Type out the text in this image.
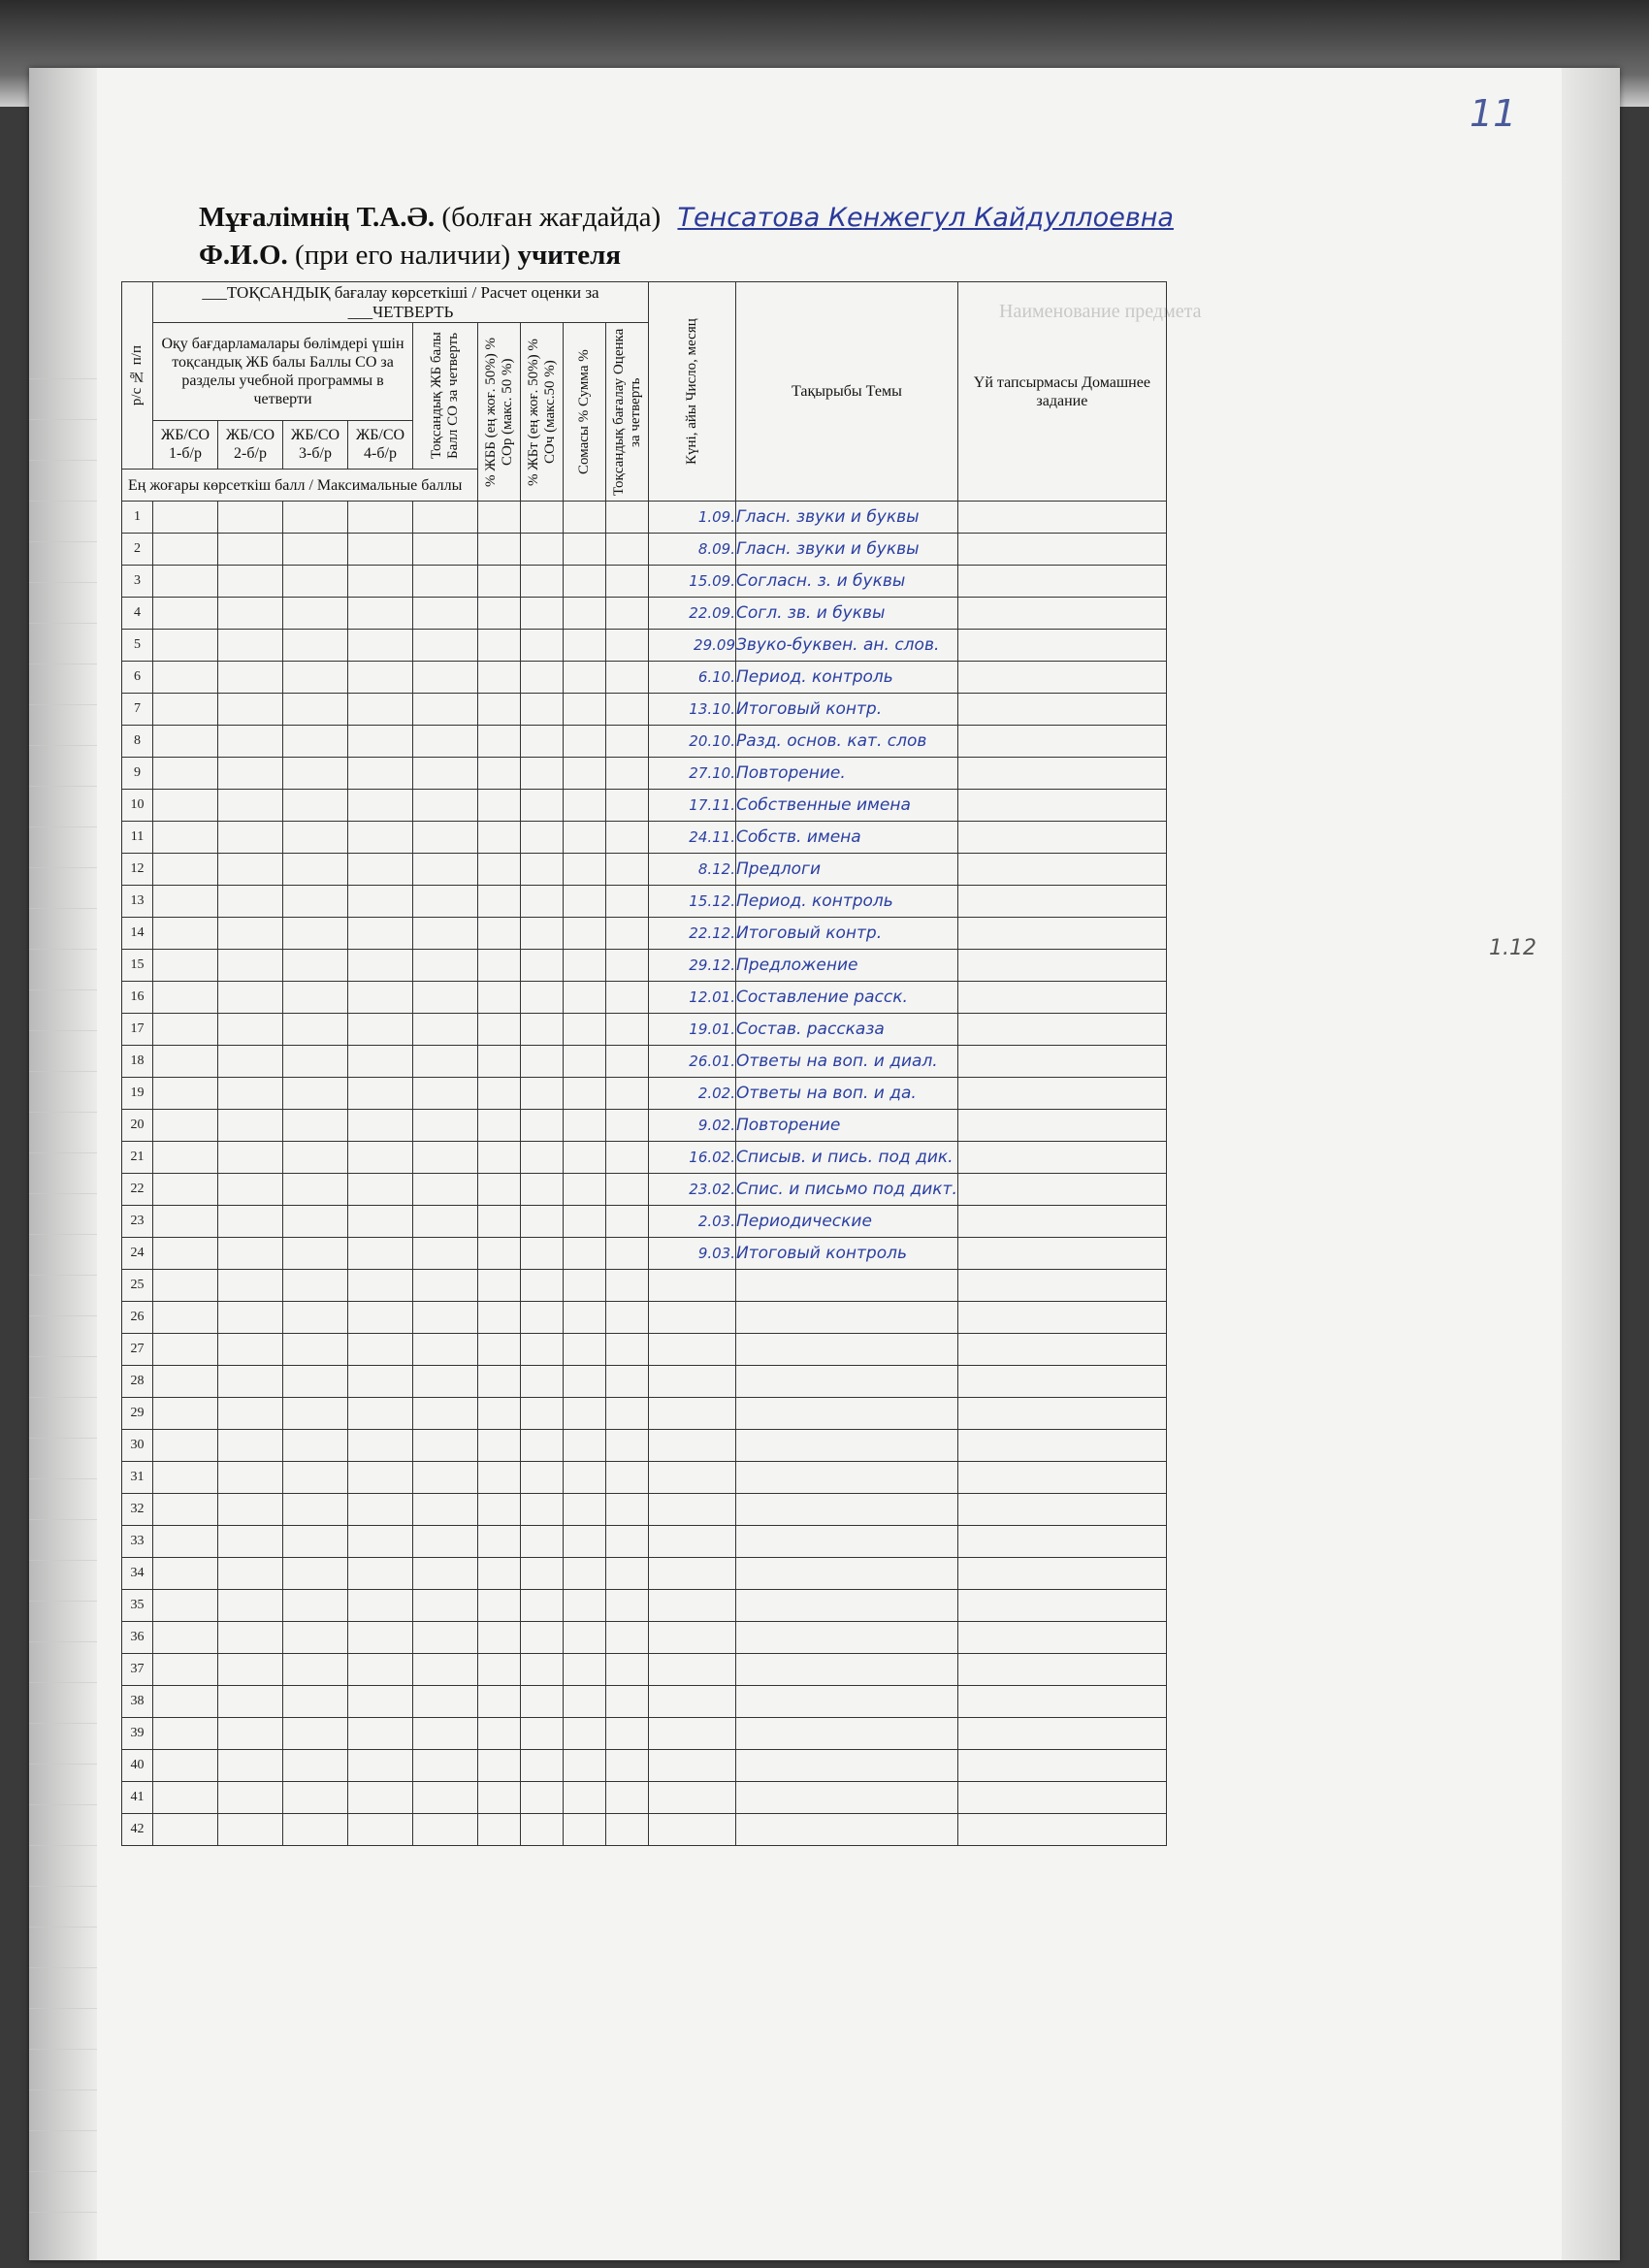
11
Мұғалімнің Т.А.Ә. (болған жағдайда) Тенсатова Кенжегул Кайдуллоевна
Ф.И.О. (при его наличии) учителя
Наименование предмета
1.12
р/с № п/п	___ТОҚСАНДЫҚ бағалау көрсеткіші / Расчет оценки за ___ЧЕТВЕРТЬ									Күні, айы Число, месяц	Тақырыбы Темы	Үй тапсырмасы Домашнее задание
	Оқу бағдарламалары бөлімдері үшін тоқсандық ЖБ балы Баллы СО за разделы учебной программы в четверти				Тоқсандық ЖБ балы Балл СО за четверть	% ЖББ (ең жоғ. 50%) % СОр (макс. 50 %)	% ЖБт (ең жоғ. 50%) % СОч (макс.50 %)	Сомасы % Сумма %	Тоқсандық бағалау Оценка за четверть			

	ЖБ/СО 1-б/р	ЖБ/СО 2-б/р	ЖБ/СО 3-б/р	ЖБ/СО 4-б/р								
Ең жоғары көрсеткіш балл / Максимальные баллы												
1										1.09.	Гласн. звуки и буквы	
2										8.09.	Гласн. звуки и буквы	
3										15.09.	Согласн. з. и буквы	
4										22.09.	Согл. зв. и буквы	
5										29.09	Звуко-буквен. ан. слов.	
6										6.10.	Период. контроль	
7										13.10.	Итоговый контр.	
8										20.10.	Разд. основ. кат. слов	
9										27.10.	Повторение.	
10										17.11.	Собственные имена	
11										24.11.	Собств. имена	
12										8.12.	Предлоги	
13										15.12.	Период. контроль	
14										22.12.	Итоговый контр.	
15										29.12.	Предложение	
16										12.01.	Составление расск.	
17										19.01.	Состав. рассказа	
18										26.01.	Ответы на воп. и диал.	
19										2.02.	Ответы на воп. и да.	
20										9.02.	Повторение	
21										16.02.	Списыв. и пись. под дик.	
22										23.02.	Спис. и письмо под дикт.	
23										2.03.	Периодические	
24										9.03.	Итоговый контроль	
25												
26												
27												
28												
29												
30												
31												
32												
33												
34												
35												
36												
37												
38												
39												
40												
41												
42												
